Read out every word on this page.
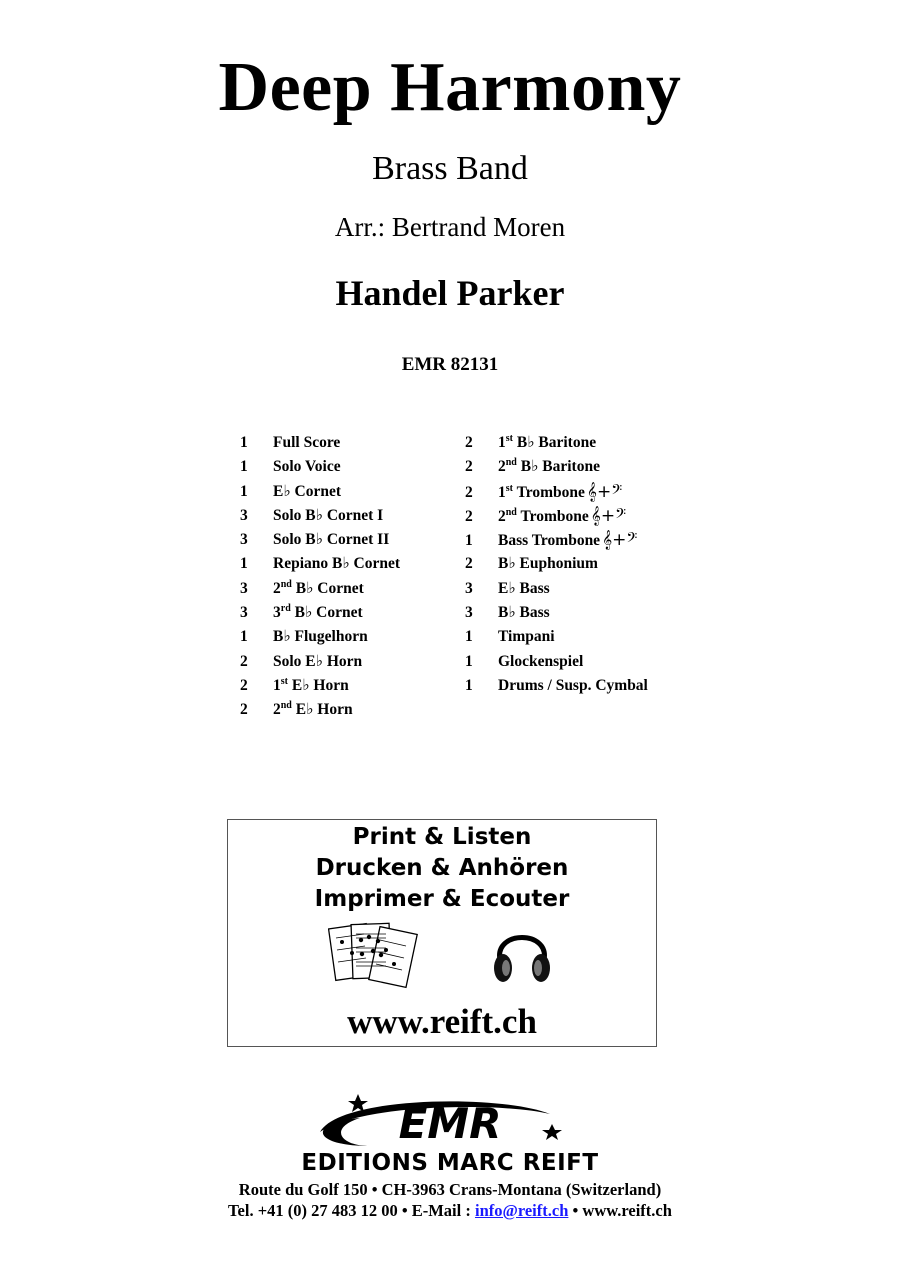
Deep Harmony
Brass Band
Arr.: Bertrand Moren
Handel Parker
EMR 82131
1 Full Score
1 Solo Voice
1 E♭ Cornet
3 Solo B♭ Cornet I
3 Solo B♭ Cornet II
1 Repiano B♭ Cornet
3 2nd B♭ Cornet
3 3rd B♭ Cornet
1 B♭ Flugelhorn
2 Solo E♭ Horn
2 1st E♭ Horn
2 2nd E♭ Horn
2 1st B♭ Baritone
2 2nd B♭ Baritone
2 1st Trombone 𝄞+𝄢
2 2nd Trombone 𝄞+𝄢
1 Bass Trombone 𝄞+𝄢
2 B♭ Euphonium
3 E♭ Bass
3 B♭ Bass
1 Timpani
1 Glockenspiel
1 Drums / Susp. Cymbal
Print & Listen
Drucken & Anhören
Imprimer & Ecouter
www.reift.ch
EMR
EDITIONS MARC REIFT
Route du Golf 150 • CH-3963 Crans-Montana (Switzerland)
Tel. +41 (0) 27 483 12 00 • E-Mail : info@reift.ch • www.reift.ch
